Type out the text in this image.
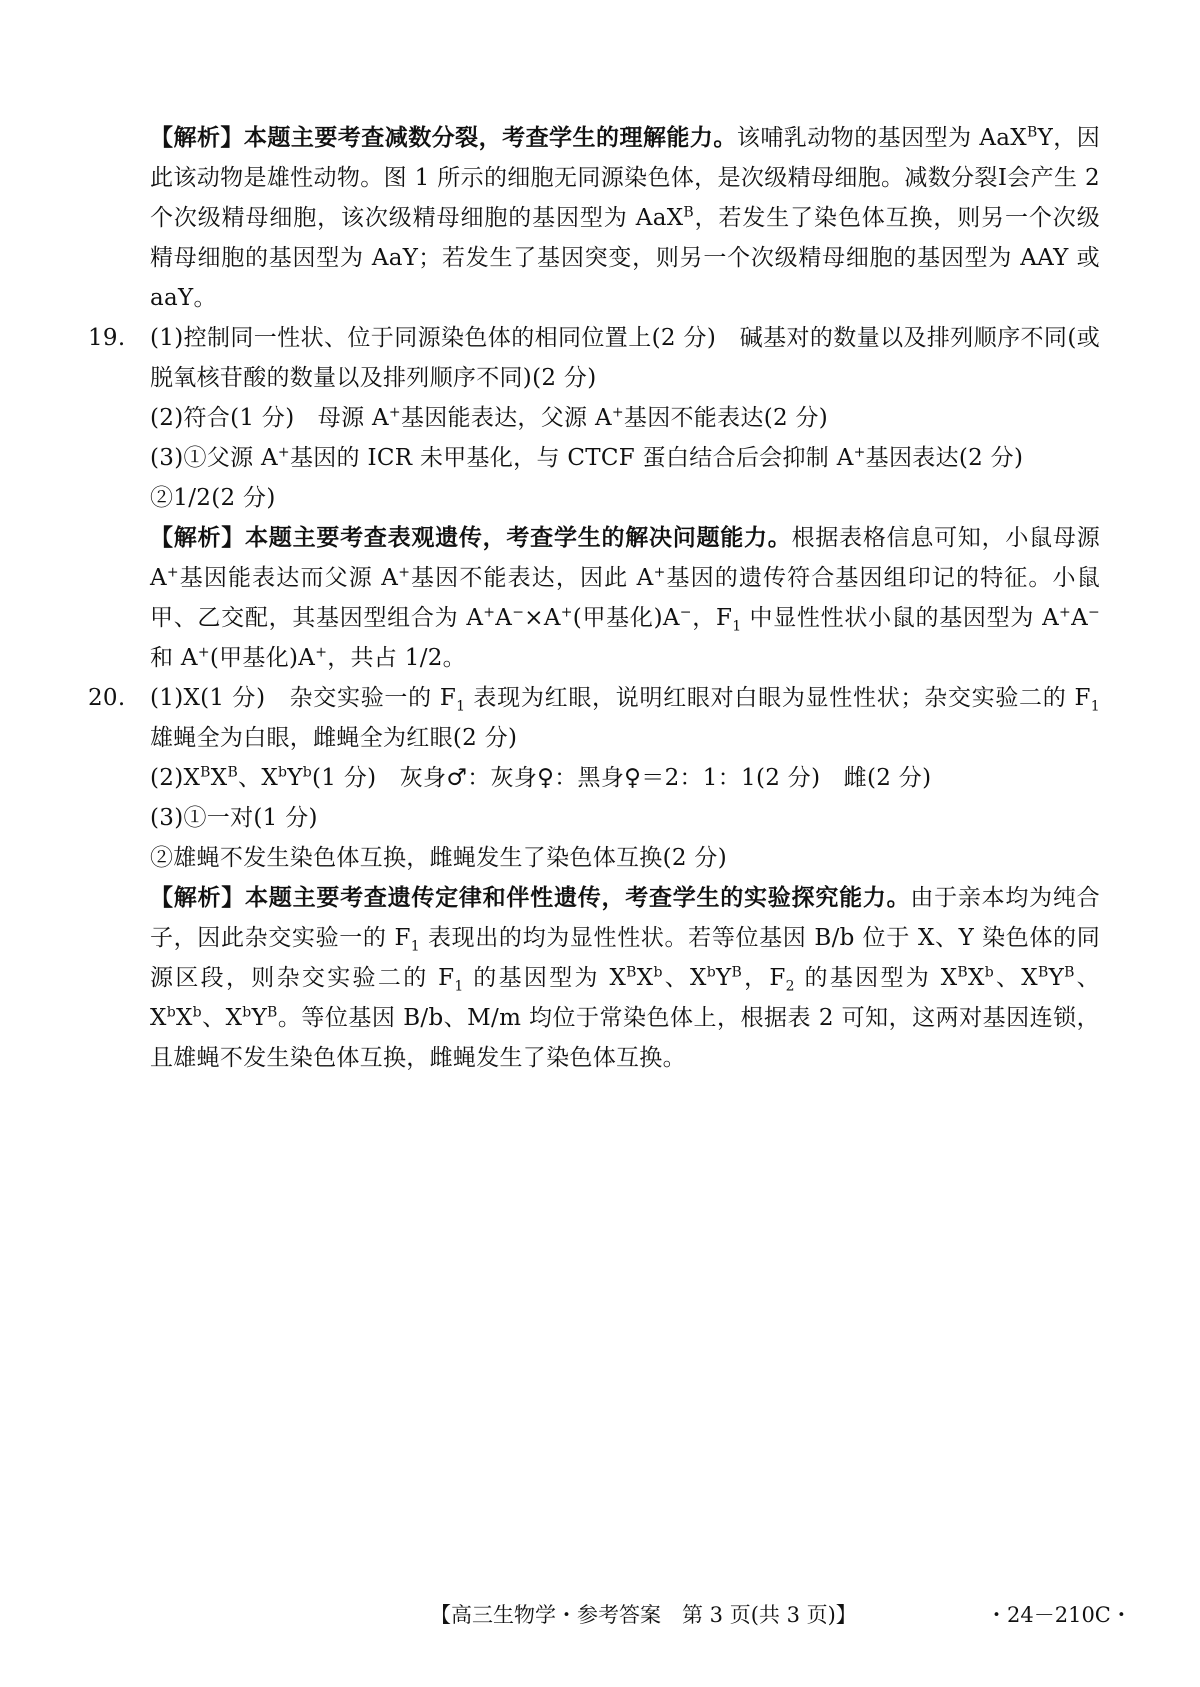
【解析】本题主要考查减数分裂，考查学生的理解能力。该哺乳动物的基因型为 AaX$^B$Y，因此该动物是雄性动物。图 1 所示的细胞无同源染色体，是次级精母细胞。减数分裂Ⅰ会产生 2 个次级精母细胞，该次级精母细胞的基因型为 AaX$^B$，若发生了染色体互换，则另一个次级精母细胞的基因型为 AaY；若发生了基因突变，则另一个次级精母细胞的基因型为 AAY 或 aaY。

19. (1)控制同一性状、位于同源染色体的相同位置上(2 分)　碱基对的数量以及排列顺序不同(或脱氧核苷酸的数量以及排列顺序不同)(2 分)

(2)符合(1 分)　母源 A+基因能表达，父源 A+基因不能表达(2 分)

(3)①父源 A+基因的 ICR 未甲基化，与 CTCF 蛋白结合后会抑制 A+基因表达(2 分)

②1/2(2 分)

【解析】本题主要考查表观遗传，考查学生的解决问题能力。根据表格信息可知，小鼠母源 A+基因能表达而父源 A+基因不能表达，因此 A+基因的遗传符合基因组印记的特征。小鼠甲、乙交配，其基因型组合为 A+A−×A+(甲基化)A−，$F_1$ 中显性性状小鼠的基因型为 A+A− 和 A+(甲基化)A+，共占 1/2。

20. (1)X(1 分)　杂交实验一的 $F_1$ 表现为红眼，说明红眼对白眼为显性性状；杂交实验二的 $F_1$ 雄蝇全为白眼，雌蝇全为红眼(2 分)

$(2)X^BX^B$、$X^bY^b(1$ 分)　灰身♂：灰身♀：黑身♀＝2：1：1(2 分)　雌(2 分)

(3)①一对(1 分)

②雄蝇不发生染色体互换，雌蝇发生了染色体互换(2 分)

【解析】本题主要考查遗传定律和伴性遗传，考查学生的实验探究能力。由于亲本均为纯合子，因此杂交实验一的 $F_1$ 表现出的均为显性性状。若等位基因 B/b 位于 X、Y 染色体的同源区段，则杂交实验二的 $F_1$ 的基因型为 $X^BX^b$、$X^bY^B$，$F_2$ 的基因型为 $X^BX^b$、$X^BY^B$、$X^bX^b$、$X^bY^B$。等位基因 B/b、M/m 均位于常染色体上，根据表 2 可知，这两对基因连锁，且雄蝇不发生染色体互换，雌蝇发生了染色体互换。

【高三生物学・参考答案　第 3 页(共 3 页)】	・24－210C・
